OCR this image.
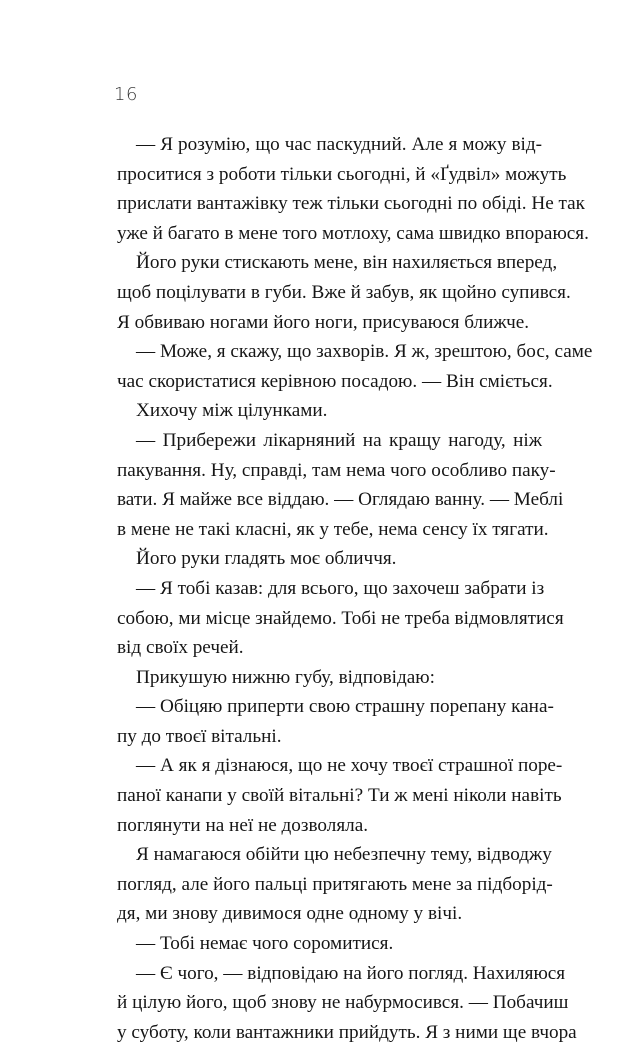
16
— Я розумію, що час паскудний. Але я можу від-
проситися з роботи тільки сьогодні, й «Ґудвіл» можуть
прислати вантажівку теж тільки сьогодні по обіді. Не так
уже й багато в мене того мотлоху, сама швидко впораюся.
Його руки стискають мене, він нахиляється вперед,
щоб поцілувати в губи. Вже й забув, як щойно супився.
Я обвиваю ногами його ноги, присуваюся ближче.
— Може, я скажу, що захворів. Я ж, зрештою, бос, саме
час скористатися керівною посадою. — Він сміється.
Хихочу між цілунками.
— Прибережи лікарняний на кращу нагоду, ніж
пакування. Ну, справді, там нема чого особливо паку-
вати. Я майже все віддаю. — Оглядаю ванну. — Меблі
в мене не такі класні, як у тебе, нема сенсу їх тягати.
Його руки гладять моє обличчя.
— Я тобі казав: для всього, що захочеш забрати із
собою, ми місце знайдемо. Тобі не треба відмовлятися
від своїх речей.
Прикушую нижню губу, відповідаю:
— Обіцяю приперти свою страшну порепану кана-
пу до твоєї вітальні.
— А як я дізнаюся, що не хочу твоєї страшної поре-
паної канапи у своїй вітальні? Ти ж мені ніколи навіть
поглянути на неї не дозволяла.
Я намагаюся обійти цю небезпечну тему, відводжу
погляд, але його пальці притягають мене за підборід-
дя, ми знову дивимося одне одному у вічі.
— Тобі немає чого соромитися.
— Є чого, — відповідаю на його погляд. Нахиляюся
й цілую його, щоб знову не набурмосився. — Побачиш
у суботу, коли вантажники прийдуть. Я з ними ще вчора
